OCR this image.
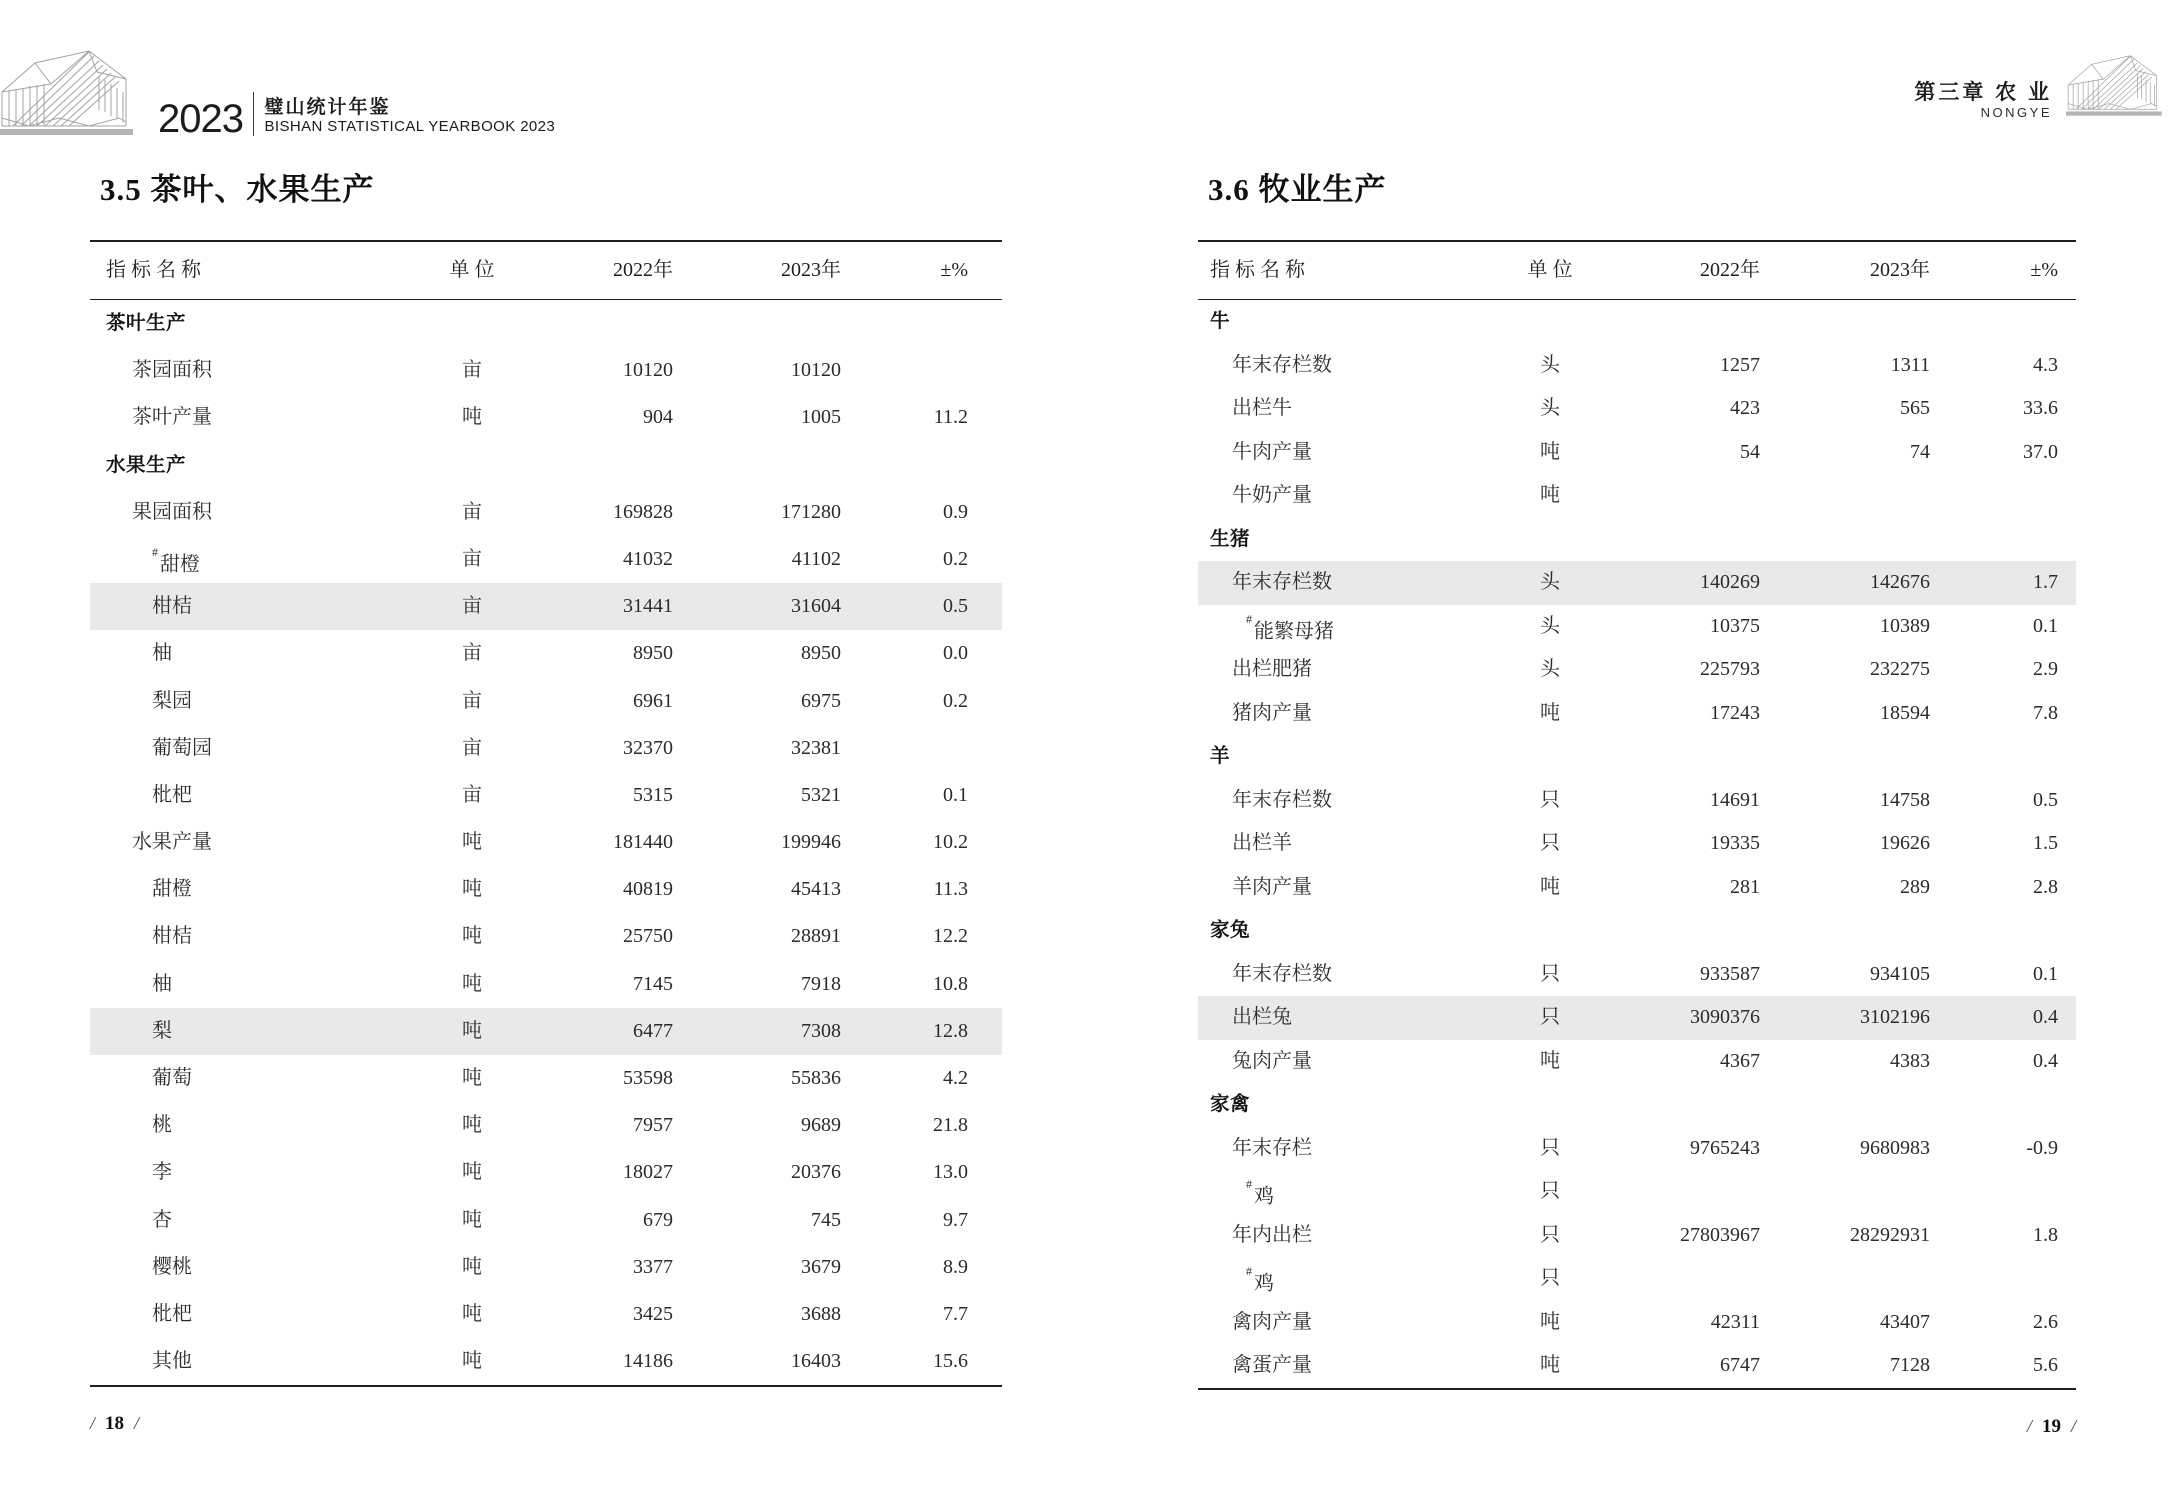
2023 璧山统计年鉴
BISHAN STATISTICAL YEARBOOK 2023
第三章 农 业
NONGYE
3.5 茶叶、水果生产
指 标 名 称	单 位	2022年	2023年	±%
茶叶生产
茶园面积	亩	10120	10120
茶叶产量	吨	904	1005	11.2
水果生产
果园面积	亩	169828	171280	0.9
#甜橙	亩	41032	41102	0.2
柑桔	亩	31441	31604	0.5
柚	亩	8950	8950	0.0
梨园	亩	6961	6975	0.2
葡萄园	亩	32370	32381
枇杷	亩	5315	5321	0.1
水果产量	吨	181440	199946	10.2
甜橙	吨	40819	45413	11.3
柑桔	吨	25750	28891	12.2
柚	吨	7145	7918	10.8
梨	吨	6477	7308	12.8
葡萄	吨	53598	55836	4.2
桃	吨	7957	9689	21.8
李	吨	18027	20376	13.0
杏	吨	679	745	9.7
樱桃	吨	3377	3679	8.9
枇杷	吨	3425	3688	7.7
其他	吨	14186	16403	15.6
/ 18 /
3.6 牧业生产
指 标 名 称	单 位	2022年	2023年	±%
牛
年末存栏数	头	1257	1311	4.3
出栏牛	头	423	565	33.6
牛肉产量	吨	54	74	37.0
牛奶产量	吨
生猪
年末存栏数	头	140269	142676	1.7
#能繁母猪	头	10375	10389	0.1
出栏肥猪	头	225793	232275	2.9
猪肉产量	吨	17243	18594	7.8
羊
年末存栏数	只	14691	14758	0.5
出栏羊	只	19335	19626	1.5
羊肉产量	吨	281	289	2.8
家兔
年末存栏数	只	933587	934105	0.1
出栏兔	只	3090376	3102196	0.4
兔肉产量	吨	4367	4383	0.4
家禽
年末存栏	只	9765243	9680983	-0.9
#鸡	只
年内出栏	只	27803967	28292931	1.8
#鸡	只
禽肉产量	吨	42311	43407	2.6
禽蛋产量	吨	6747	7128	5.6
/ 19 /
